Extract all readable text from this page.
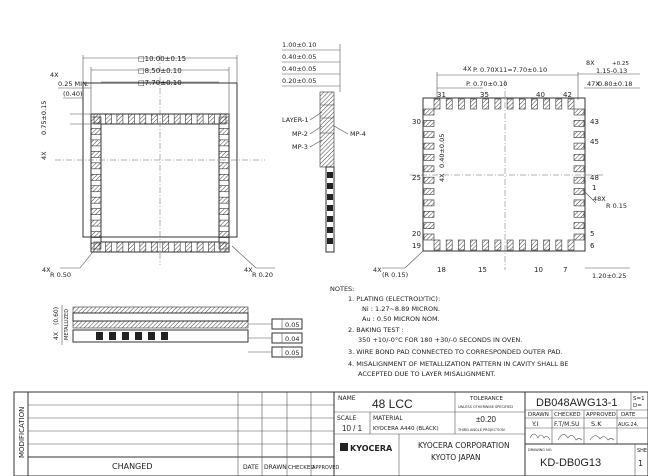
□10.00±0.15
□8.50±0.10
□7.70±0.10
4X
0.25 MIN.
(0.40)
0.75±0.15
4X
4X
R 0.50
4X
R 0.20
1.00±0.10
0.40±0.05
0.40±0.05
0.20±0.05
LAYER-1
MP-2
MP-3
MP-4
4X P. 0.70X11=7.70±0.10
P. 0.70±0.10
8X	+0.25
1.15-0.13
47X
0.80±0.18
4X
0.40±0.05
31	35	40	42
30	43
25
45
48
1
20	5
19	6
18	15	10	7
48X
R 0.15
4X
(R 0.15)	1.20±0.25
4X
(0.60) METALLIZED	0.05
0.04
0.05
NOTES:
1. PLATING (ELECTROLYTIC):
Ni : 1.27~8.89 MICRON.
Au : 0.50 MICRON NOM.
2. BAKING TEST :
350 +10/-0°C FOR 180 +30/-0 SECONDS IN OVEN.
3. WIRE BOND PAD CONNECTED TO CORRESPONDED OUTER PAD.
4. MISALIGNMENT OF METALLIZATION PATTERN IN CAVITY SHALL BE
ACCEPTED DUE TO LAYER MISALIGNMENT.
MODIFICATION
CHANGED	DATE DRAWN CHECKED
APPROVED
NAME 48 LCC
SCALE
10 / 1
MATERIAL
KYOCERA A440 (BLACK)
TOLERANCE
UNLESS OTHERWISE SPECIFIED
±0.20
THIRD ANGLE PROJECTION
KYOCERA	KYOCERA CORPORATION
KYOTO JAPAN
DB048AWG13-1	S=1
D=
DRAWN CHECKED APPROVED DATE
Y.I	F.T/M.SU S.K	AUG.24,
DRAWING NO.
KD-DB0G13
SHE
1
